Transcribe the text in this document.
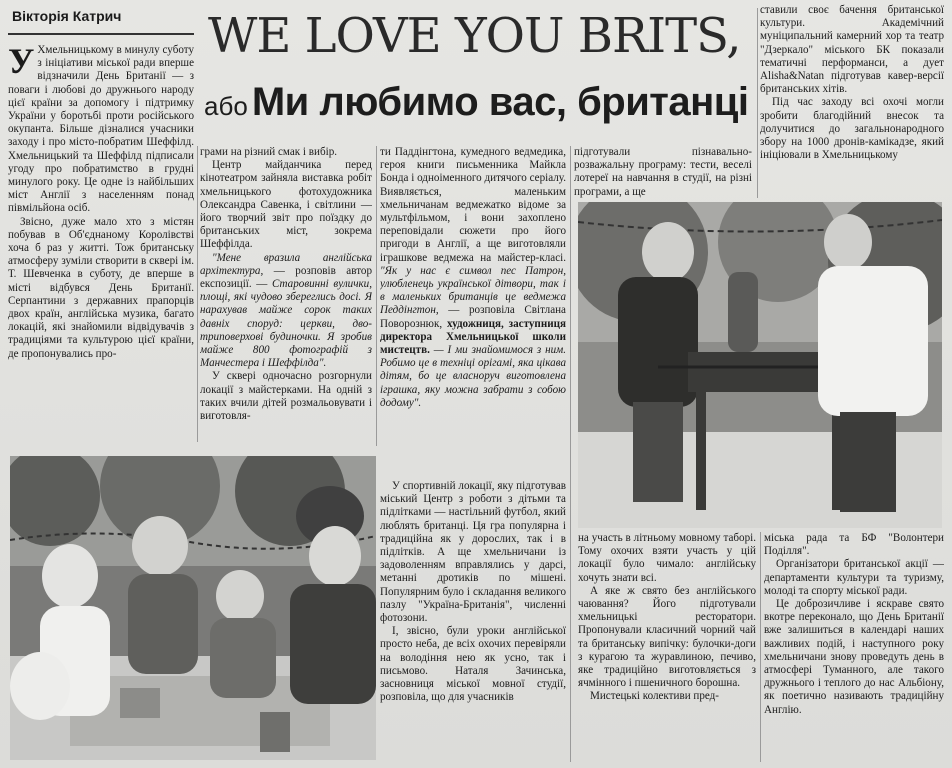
Вікторія Катрич WE LOVE YOU BRITS,
або Ми любимо вас, британці

У Хмельницькому в минулу суботу з ініціативи міської ради вперше відзначили День Британії — з поваги і любові до дружнього народу цієї країни за допомогу і підтримку України у боротьбі проти російського окупанта. Більше дізналися учасники заходу і про місто-побратим Шеффілд. Хмельницький та Шеффілд підписали угоду про побратимство в грудні минулого року. Це одне із найбільших міст Англії з населенням понад півмільйона осіб.

Звісно, дуже мало хто з містян побував в Об'єднаному Королівстві хоча б раз у житті. Тож британську атмосферу зуміли створити в сквері ім. Т. Шевченка в суботу, де вперше в місті відбувся День Британії. Серпантини з державних прапорців двох країн, англійська музика, багато локацій, які знайомили відвідувачів з традиціями та культурою цієї країни, де пропонувались про-

грами на різний смак і вибір.

Центр майданчика перед кінотеатром зайняла виставка робіт хмельницького фотохудожника Олександра Савенка, і світлини — його творчий звіт про поїздку до британських міст, зокрема Шеффілда.

"Мене вразила англійська архітектура, — розповів автор експозиції. — Старовинні вулички, площі, які чудово збереглись досі. Я нарахував майже сорок таких давніх споруд: церкви, дво-триповерхові будиночки. Я зробив майже 800 фотографій з Манчестера і Шеффілда".

У сквері одночасно розгорнули локації з майстерками. На одній з таких вчили дітей розмальовувати і виготовля-

ти Паддінгтона, кумедного ведмедика, героя книги письменника Майкла Бонда і одноіменного дитячого серіалу. Виявляється, маленьким хмельничанам ведмежатко відоме за мультфільмом, і вони захоплено переповідали сюжети про його пригоди в Англії, а ще виготовляли іграшкове ведмежа на майстер-класі. "Як у нас є символ пес Патрон, улюбленець української дітвори, так і в маленьких британців це ведмежа Педдінгтон, — розповіла Світлана Поворознюк, художниця, заступниця директора Хмельницької школи мистецтв. — І ми знайомимося з ним. Робимо це в техніці орігамі, яка цікава дітям, бо це власноруч виготовлена іграшка, яку можна забрати з собою додому".

У спортивній локації, яку підготував міський Центр з роботи з дітьми та підлітками — настільний футбол, який люблять британці. Ця гра популярна і традиційна як у дорослих, так і в підлітків. А ще хмельничани із задоволенням вправлялись у дарсі, метанні дротиків по мішені. Популярним було і складання великого пазлу "Україна-Британія", численні фотозони.

І, звісно, були уроки англійської просто неба, де всіх охочих перевіряли на володіння нею як усно, так і письмово. Наталя Зачинська, засновниця міської мовної студії, розповіла, що для учасників

підготували пізнавально-розважальну програму: тести, веселі лотереї на навчання в студії, на різні програми, а ще

на участь в літньому мовному таборі. Тому охочих взяти участь у цій локації було чимало: англійську хочуть знати всі.

А яке ж свято без англійського чаювання? Його підготували хмельницькі ресторатори. Пропонували класичний чорний чай та британську випічку: булочки-доги з курагою та журавлиною, печиво, яке традиційно виготовляється з ячмінного і пшеничного борошна.

Мистецькі колективи пред-

ставили своє бачення британської культури. Академічний муніципальний камерний хор та театр "Дзеркало" міського БК показали тематичні перформанси, а дует Alisha&Natan підготував кавер-версії британських хітів.

Під час заходу всі охочі могли зробити благодійний внесок та долучитися до загальнонародного збору на 1000 дронів-камікадзе, який ініціювали в Хмельницькому

міська рада та БФ "Волонтери Поділля".

Організатори британської акції — департаменти культури та туризму, молоді та спорту міської ради.

Це доброзичливе і яскраве свято вкотре переконало, що День Британії вже залишиться в календарі наших важливих подій, і наступного року хмельничани знову проведуть день в атмосфері Туманного, але такого дружнього і теплого до нас Альбіону, як поетично називають традиційну Англію.
